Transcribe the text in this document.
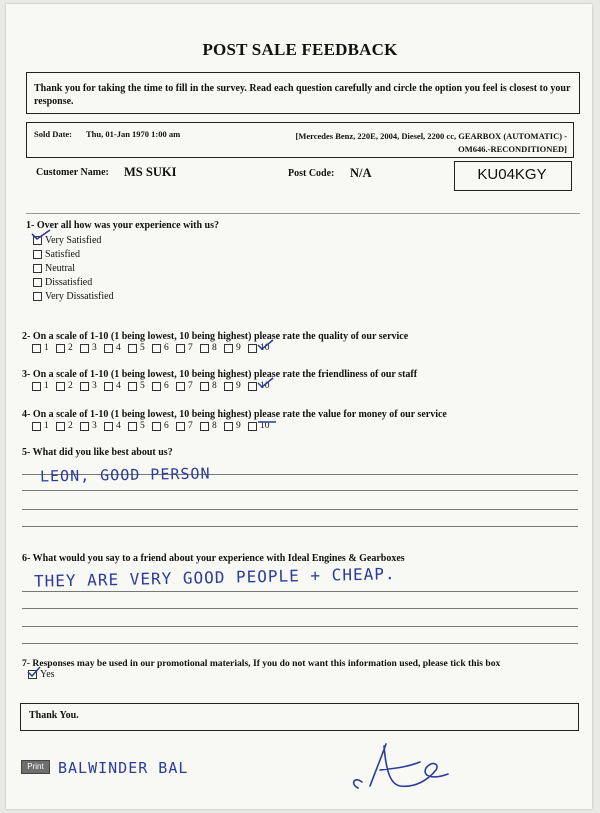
POST SALE FEEDBACK
Thank you for taking the time to fill in the survey. Read each question carefully and circle the option you feel is closest to your response.
Sold Date: Thu, 01-Jan 1970 1:00 am	[Mercedes Benz, 220E, 2004, Diesel, 2200 cc, GEARBOX (AUTOMATIC) -
OM646.-RECONDITIONED]
Customer Name: MS SUKI	Post Code: N/A	KU04KGY
1- Over all how was your experience with us?
Very Satisfied
Satisfied
Neutral
Dissatisfied
Very Dissatisfied
2- On a scale of 1-10 (1 being lowest, 10 being highest) please rate the quality of our service
1 2 3 4 5 6 7 8 9 10
3- On a scale of 1-10 (1 being lowest, 10 being highest) please rate the friendliness of our staff
1 2 3 4 5 6 7 8 9 10
4- On a scale of 1-10 (1 being lowest, 10 being highest) please rate the value for money of our service
1 2 3 4 5 6 7 8 9 10
5- What did you like best about us?
LEON, GOOD PERSON
6- What would you say to a friend about your experience with Ideal Engines & Gearboxes
THEY ARE VERY GOOD PEOPLE + CHEAP.
7- Responses may be used in our promotional materials, If you do not want this information used, please tick this box
Yes
Thank You.
Print BALWINDER BAL
